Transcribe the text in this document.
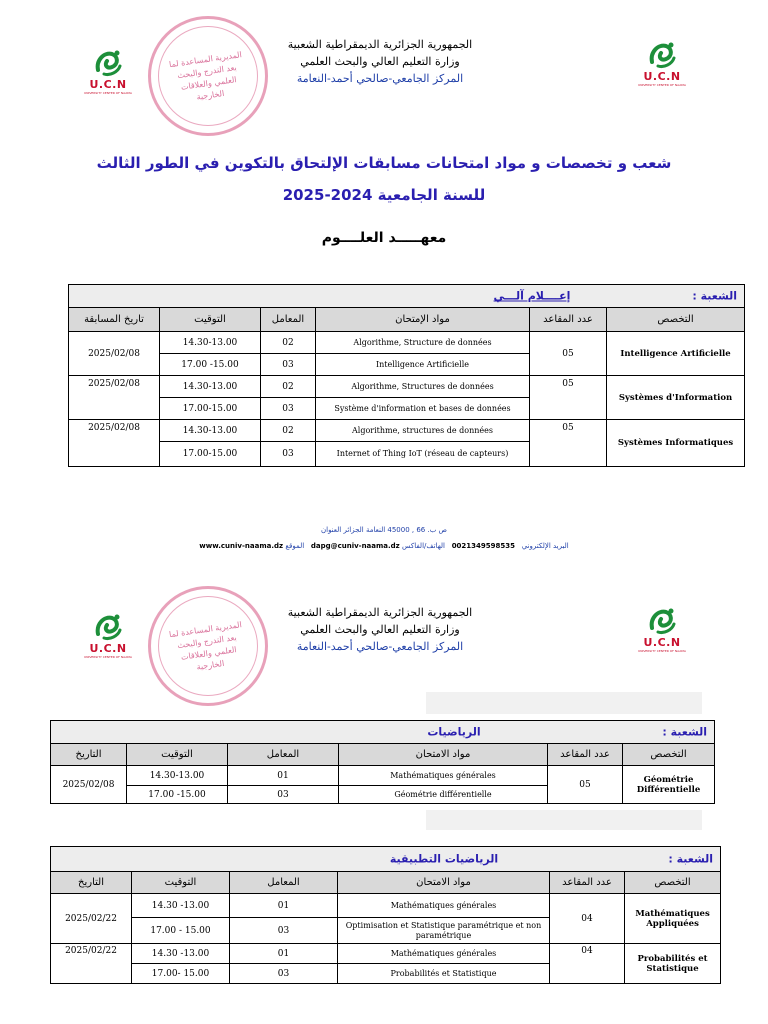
U.C.N
UNIVERSITY CENTER OF NAAMA
المديرية المساعدة لما بعد التدرج والبحث العلمي والعلاقات الخارجية
الجمهورية الجزائرية الديمقراطية الشعبية
وزارة التعليم العالي والبحث العلمي
المركز الجامعي-صالحي أحمد-النعامة	U.C.N
UNIVERSITY CENTER OF NAAMA
شعب و تخصصات و مواد امتحانات مسابقات الإلتحاق بالتكوين في الطور الثالث
للسنة الجامعية 2024-2025
معهـــــد العلــــوم
الشعبة :
إعــــلام آلـــي					

تاريخ المسابقة	التوقيت	المعامل	مواد الإمتحان	عدد المقاعد	التخصص
2025/02/08	14.30-13.00	02	Algorithme, Structure de données	05	Intelligence Artificielle
	17.00 -15.00	03	Intelligence Artificielle		
2025/02/08	14.30-13.00	02	Algorithme, Structures de données	05	Systèmes d'Information
	17.00-15.00	03	Système d'information et bases de données		
2025/02/08	14.30-13.00	02	Algorithme, structures de données	05	Systèmes Informatiques
	17.00-15.00	03	Internet of Thing IoT (réseau de capteurs)		
ص ب. 66 , 45000 النعامة الجزائر العنوان
www.cuniv-naama.dz الموقع dapg@cuniv-naama.dz	البريد الإلكتروني   0021349598535   الهاتف/الفاكس
U.C.N
UNIVERSITY CENTER OF NAAMA
المديرية المساعدة لما بعد التدرج والبحث العلمي والعلاقات الخارجية
الجمهورية الجزائرية الديمقراطية الشعبية
وزارة التعليم العالي والبحث العلمي
المركز الجامعي-صالحي أحمد-النعامة	U.C.N
UNIVERSITY CENTER OF NAAMA
الشعبة :
الرياضيات					

التاريخ	التوقيت	المعامل	مواد الامتحان	عدد المقاعد	التخصص
2025/02/08	14.30-13.00	01	Mathématiques générales	05	Géométrie Différentielle
	17.00 -15.00	03	Géométrie différentielle		
الشعبة :
الرياضيات التطبيقية					

التاريخ	التوقيت	المعامل	مواد الامتحان	عدد المقاعد	التخصص
2025/02/22	14.30 -13.00	01	Mathématiques générales	04	Mathématiques Appliquées
	17.00 - 15.00	03	Optimisation et Statistique paramétrique et non paramétrique		
2025/02/22	14.30 -13.00	01	Mathématiques générales	04	Probabilités et Statistique
	17.00- 15.00	03	Probabilités et Statistique		
